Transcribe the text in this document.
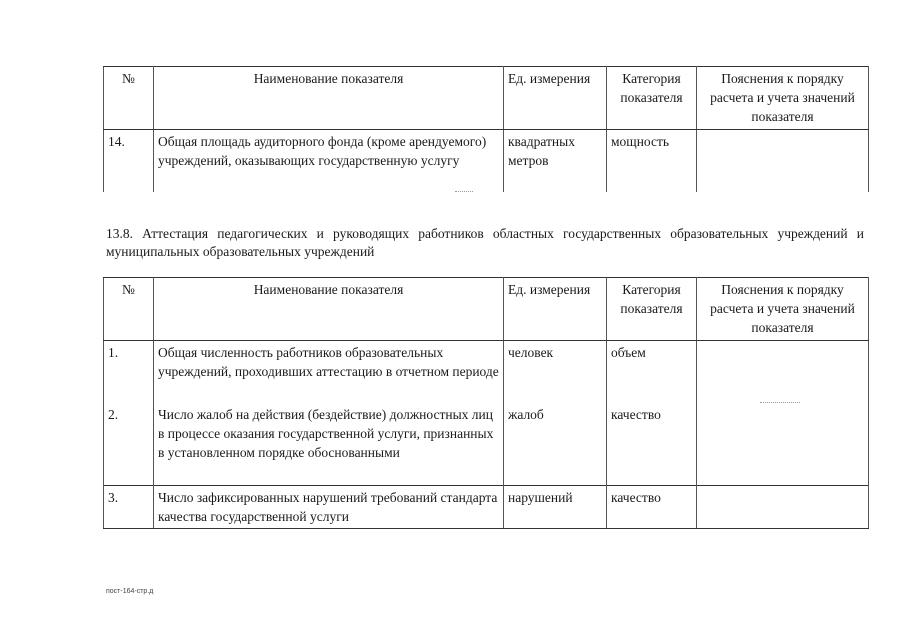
№	Наименование показателя	Ед. измерения	Категория показателя	Пояснения к порядку расчета и учета значений показателя
14.	Общая площадь аудиторного фонда (кроме арендуемого) учреждений, оказывающих государственную услугу	квадратных метров	мощность	
13.8. Аттестация педагогических и руководящих работников областных государственных образовательных учреждений и муниципальных образовательных учреждений
№	Наименование показателя	Ед. измерения	Категория показателя	Пояснения к порядку расчета и учета значений показателя
1.	Общая численность работников образовательных учреждений, проходивших аттестацию в отчетном периоде	человек	объем	
2.	Число жалоб на действия (бездействие) должностных лиц в процессе оказания государственной услуги, признанных в установленном порядке обоснованными	жалоб	качество	
3.	Число зафиксированных нарушений требований стандарта качества государственной услуги	нарушений	качество	
пост-164-стр.д
